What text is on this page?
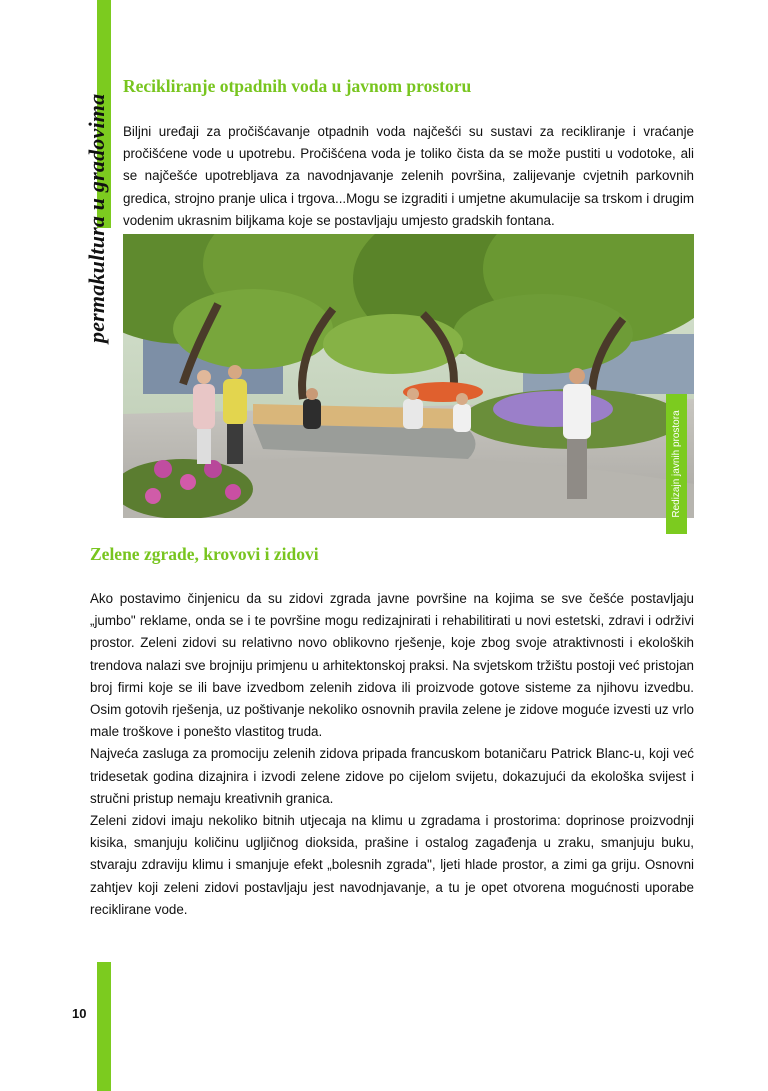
permakultura u gradovima
Recikliranje otpadnih voda u javnom prostoru
Biljni uređaji za pročišćavanje otpadnih voda najčešći su sustavi za recikliranje i vraćanje pročišćene vode u upotrebu. Pročišćena voda je toliko čista da se može pustiti u vodotoke, ali se najčešće upotrebljava za navodnjavanje zelenih površina, zalijevanje cvjetnih parkovnih gredica, strojno pranje ulica i trgova...Mogu se izgraditi i umjetne akumulacije sa trskom i drugim vodenim ukrasnim biljkama koje se postavljaju umjesto gradskih fontana.
Redizajn javnih prostora
Zelene zgrade, krovovi i zidovi

Ako postavimo činjenicu da su zidovi zgrada javne površine na kojima se sve češće postavljaju „jumbo" reklame, onda se i te površine mogu redizajnirati i rehabilitirati u novi estetski, zdravi i održivi prostor. Zeleni zidovi su relativno novo oblikovno rješenje, koje zbog svoje atraktivnosti i ekoloških trendova nalazi sve brojniju primjenu u arhitektonskoj praksi. Na svjetskom tržištu postoji već pristojan broj firmi koje se ili bave izvedbom zelenih zidova ili proizvode gotove sisteme za njihovu izvedbu. Osim gotovih rješenja, uz poštivanje nekoliko osnovnih pravila zelene je zidove moguće izvesti uz vrlo male troškove i ponešto vlastitog truda.

Najveća zasluga za promociju zelenih zidova pripada francuskom botaničaru Patrick Blanc-u, koji već tridesetak godina dizajnira i izvodi zelene zidove po cijelom svijetu, dokazujući da ekološka svijest i stručni pristup nemaju kreativnih granica.

Zeleni zidovi imaju nekoliko bitnih utjecaja na klimu u zgradama i prostorima: doprinose proizvodnji kisika, smanjuju količinu ugljičnog dioksida, prašine i ostalog zagađenja u zraku, smanjuju buku, stvaraju zdraviju klimu i smanjuje efekt „bolesnih zgrada", ljeti hlade prostor, a zimi ga griju. Osnovni zahtjev koji zeleni zidovi postavljaju jest navodnjavanje, a tu je opet otvorena mogućnosti uporabe reciklirane vode.

10
